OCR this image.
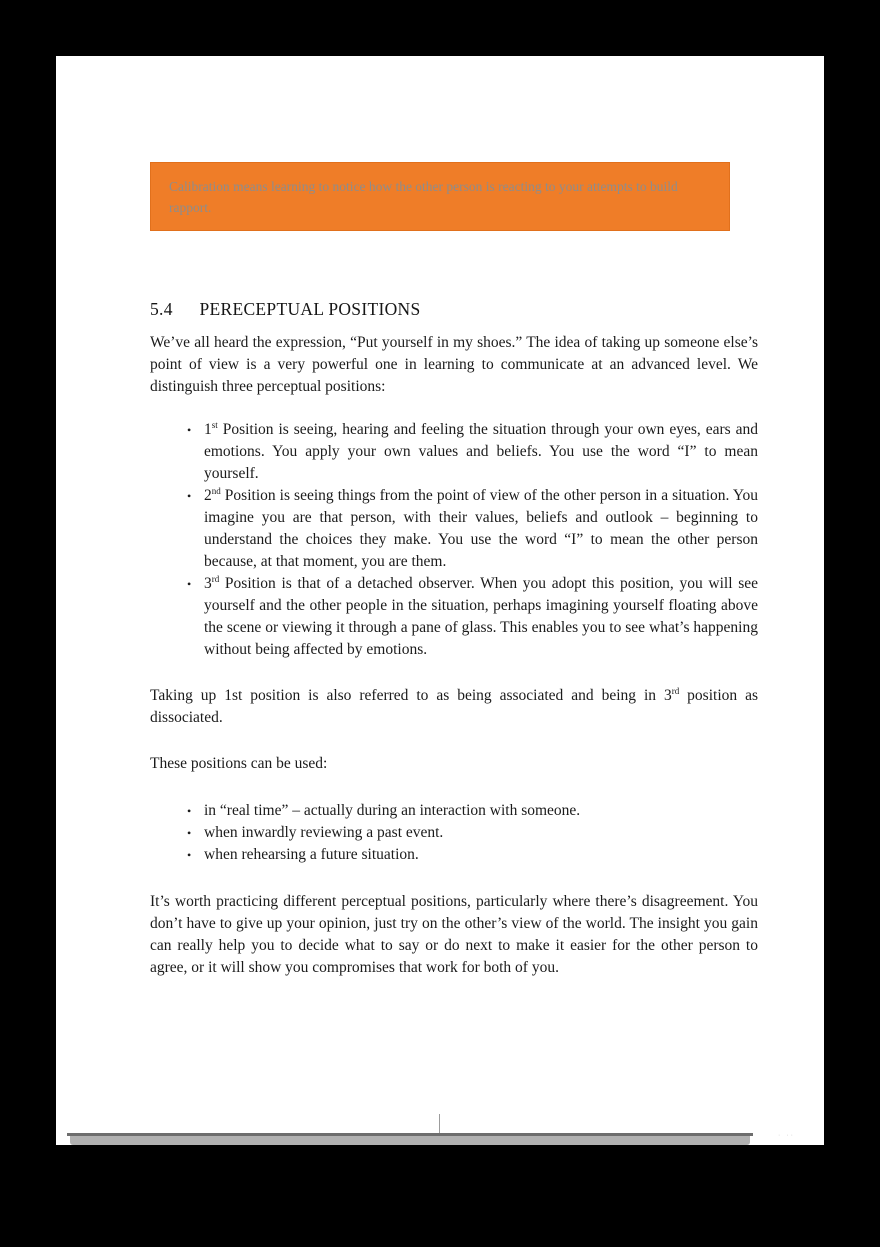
Calibration means learning to notice how the other person is reacting to your attempts to build rapport.
5.4 PERECEPTUAL POSITIONS

We’ve all heard the expression, “Put yourself in my shoes.” The idea of taking up someone else’s point of view is a very powerful one in learning to communicate at an advanced level. We distinguish three perceptual positions:

•
1st Position is seeing, hearing and feeling the situation through your own eyes, ears and emotions. You apply your own values and beliefs. You use the word “I” to mean yourself.
•
2nd Position is seeing things from the point of view of the other person in a situation. You imagine you are that person, with their values, beliefs and outlook – beginning to understand the choices they make. You use the word “I” to mean the other person because, at that moment, you are them.
•
3rd Position is that of a detached observer. When you adopt this position, you will see yourself and the other people in the situation, perhaps imagining yourself floating above the scene or viewing it through a pane of glass. This enables you to see what’s happening without being affected by emotions.

Taking up 1st position is also referred to as being associated and being in 3rd position as dissociated.

These positions can be used:

•
in “real time” – actually during an interaction with someone.
•
when inwardly reviewing a past event.
•
when rehearsing a future situation.

It’s worth practicing different perceptual positions, particularly where there’s disagreement. You don’t have to give up your opinion, just try on the other’s view of the world. The insight you gain can really help you to decide what to say or do next to make it easier for the other person to agree, or it will show you compromises that work for both of you.

· ··
